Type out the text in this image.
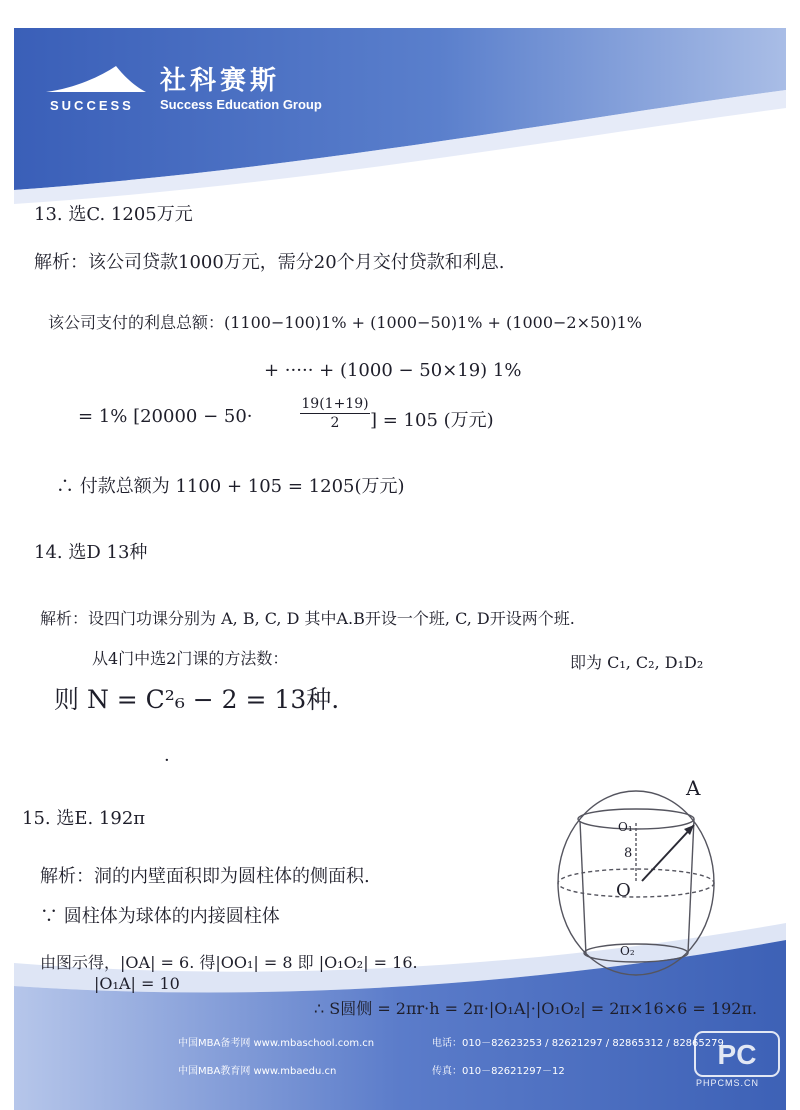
SUCCESS
社科赛斯
Success Education Group
13. 选C. 1205万元
解析：该公司贷款1000万元，需分20个月交付贷款和利息.
该公司支付的利息总额：(1100−100)1% + (1000−50)1% + (1000−2×50)1%
+ ····· + (1000 − 50×19) 1%
= 1% [20000 − 50·	$\frac{19(1+19)}{2}$ ] = 105 (万元)
∴ 付款总额为 1100 + 105 = 1205(万元)
14. 选D 13种
解析：设四门功课分别为 A, B, C, D 其中A.B开设一个班, C, D开设两个班.
从4门中选2门课的方法数：	即为 C₁, C₂, D₁D₂
则 N = C²₆ − 2 = 13种.
·
15. 选E. 192π
解析：洞的内壁面积即为圆柱体的侧面积.
∵ 圆柱体为球体的内接圆柱体
由图示得，|OA| = 6. 得|OO₁| = 8 即 |O₁O₂| = 16.
|O₁A| = 10
∴ S圆侧 = 2πr·h = 2π·|O₁A|·|O₁O₂| = 2π×16×6 = 192π.
A
O₁
8
O
O₂
中国MBA备考网 www.mbaschool.com.cn	电话：010－82623253 / 82621297 / 82865312 / 82865279
中国MBA教育网 www.mbaedu.cn	传真：010－82621297－12
PC
PHPCMS.CN
